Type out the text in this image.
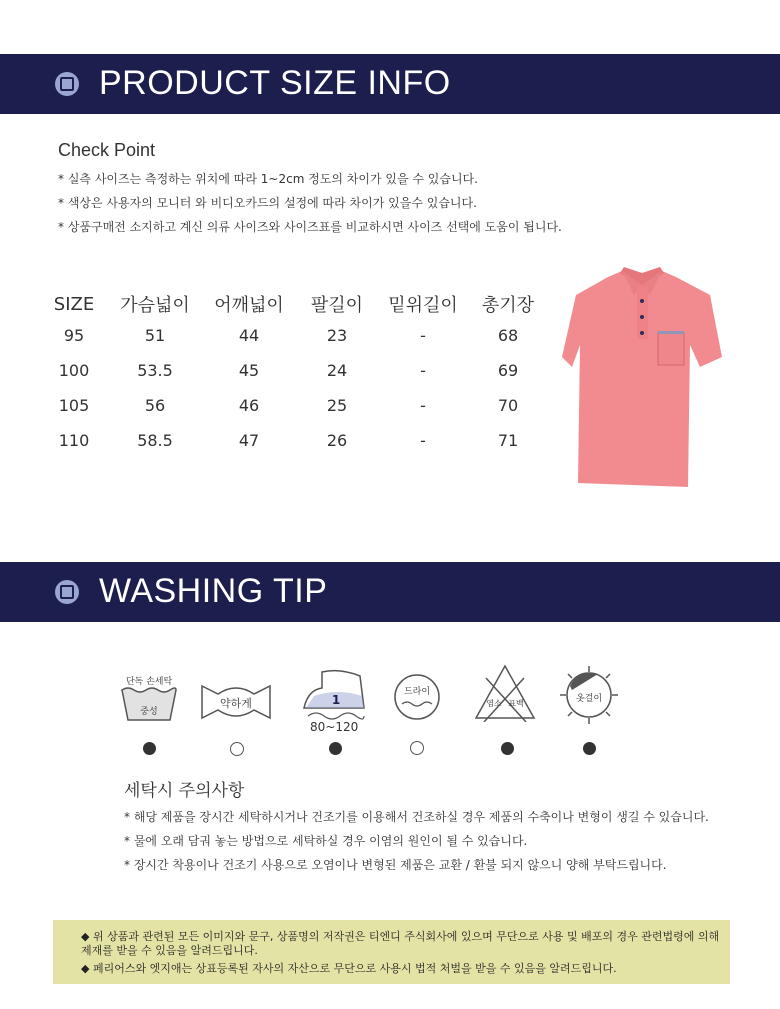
PRODUCT SIZE INFO
Check Point
* 실측 사이즈는 측정하는 위치에 따라 1~2cm 정도의 차이가 있을 수 있습니다.
* 색상은 사용자의 모니터 와 비디오카드의 설정에 따라 차이가 있을수 있습니다.
* 상품구매전 소지하고 계신 의류 사이즈와 사이즈표를 비교하시면 사이즈 선택에 도움이 됩니다.
SIZE	가슴넓이	어깨넓이	팔길이	밑위길이	총기장
95	51	44	23	-	68
100	53.5	45	24	-	69
105	56	46	25	-	70
110	58.5	47	26	-	71
WASHING TIP
단독 손세탁
중성
약하게	1
80~120
드라이
염소 표백	옷걸이
세탁시 주의사항
* 해당 제품을 장시간 세탁하시거나 건조기를 이용해서 건조하실 경우 제품의 수축이나 변형이 생길 수 있습니다.
* 물에 오래 담궈 놓는 방법으로 세탁하실 경우 이염의 원인이 될 수 있습니다.
* 장시간 착용이나 건조기 사용으로 오염이나 변형된 제품은 교환 / 환불 되지 않으니 양해 부탁드립니다.

◆ 위 상품과 관련된 모든 이미지와 문구, 상품명의 저작권은 티엔디 주식회사에 있으며 무단으로 사용 및 배포의 경우 관련법령에 의해

제재를 받을 수 있음을 알려드립니다.

◆ 페리어스와 엣지애는 상표등록된 자사의 자산으로 무단으로 사용시 법적 처벌을 받을 수 있음을 알려드립니다.
